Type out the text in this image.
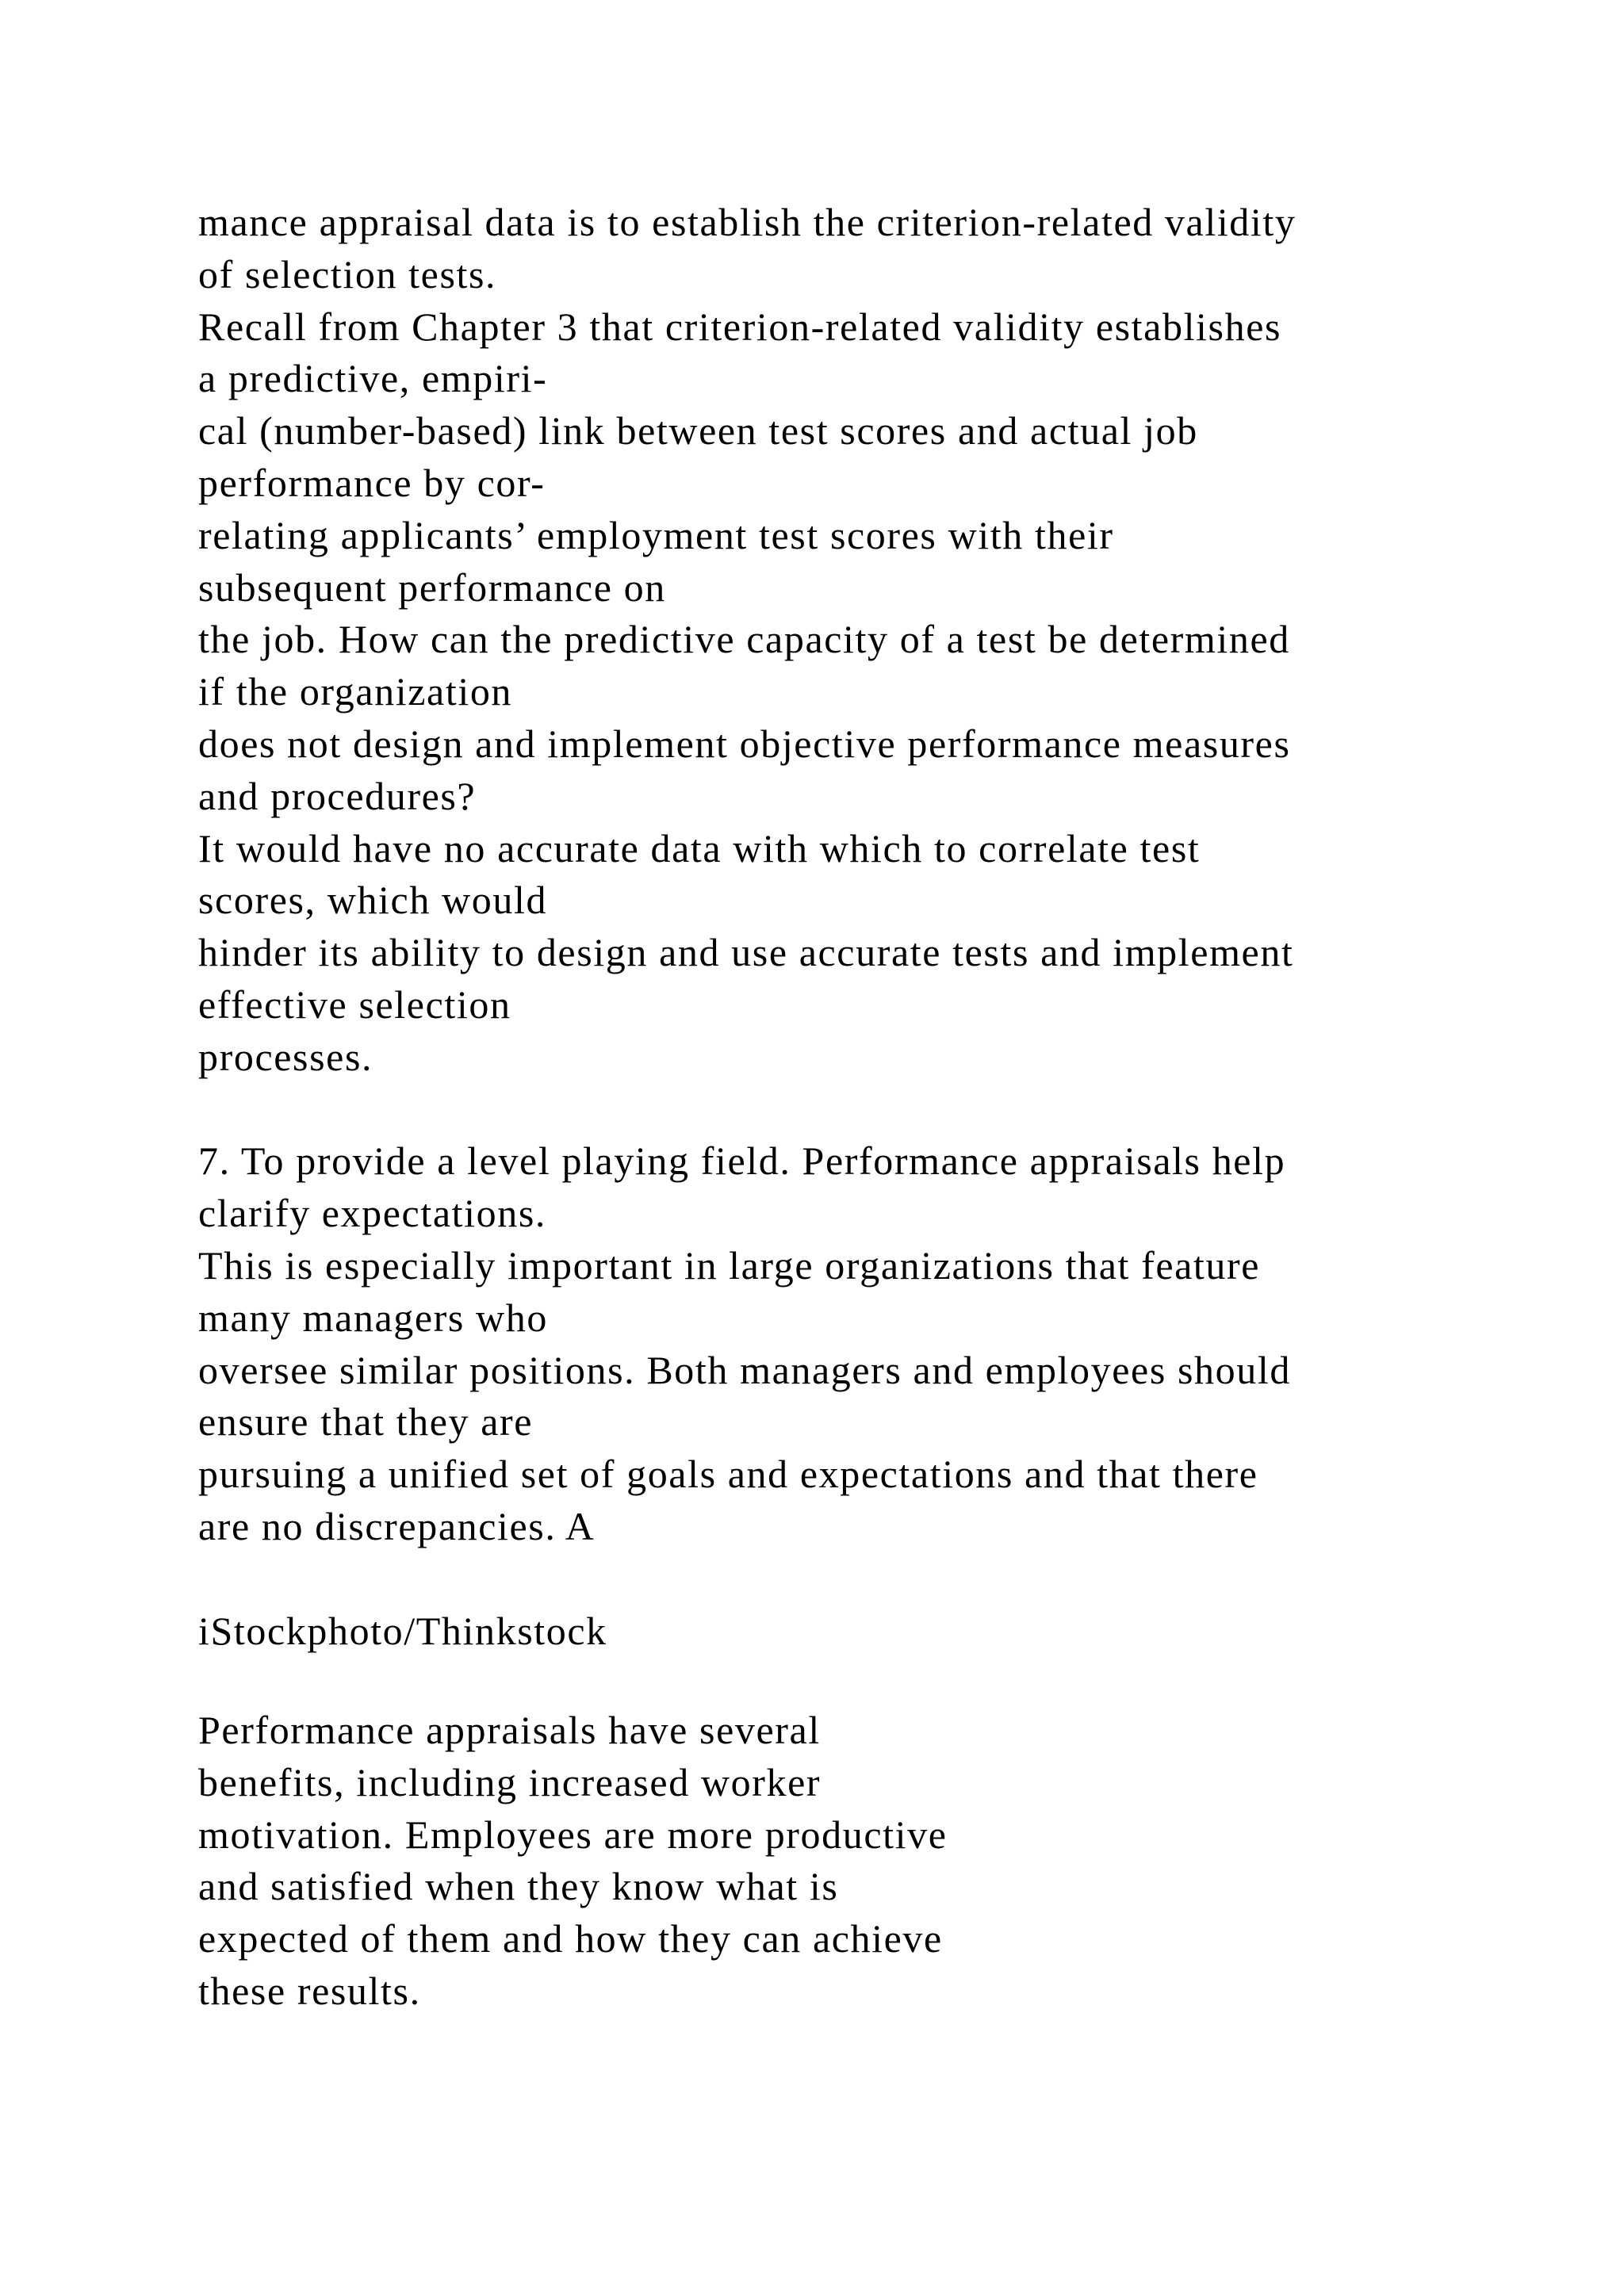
mance appraisal data is to establish the criterion-related validity
of selection tests.
Recall from Chapter 3 that criterion-related validity establishes
a predictive, empiri-
cal (number-based) link between test scores and actual job
performance by cor-
relating applicants’ employment test scores with their
subsequent performance on
the job. How can the predictive capacity of a test be determined
if the organization
does not design and implement objective performance measures
and procedures?
It would have no accurate data with which to correlate test
scores, which would
hinder its ability to design and use accurate tests and implement
effective selection
processes.
7. To provide a level playing field. Performance appraisals help
clarify expectations.
This is especially important in large organizations that feature
many managers who
oversee similar positions. Both managers and employees should
ensure that they are
pursuing a unified set of goals and expectations and that there
are no discrepancies. A
iStockphoto/Thinkstock
Performance appraisals have several
benefits, including increased worker
motivation. Employees are more productive
and satisfied when they know what is
expected of them and how they can achieve
these results.
